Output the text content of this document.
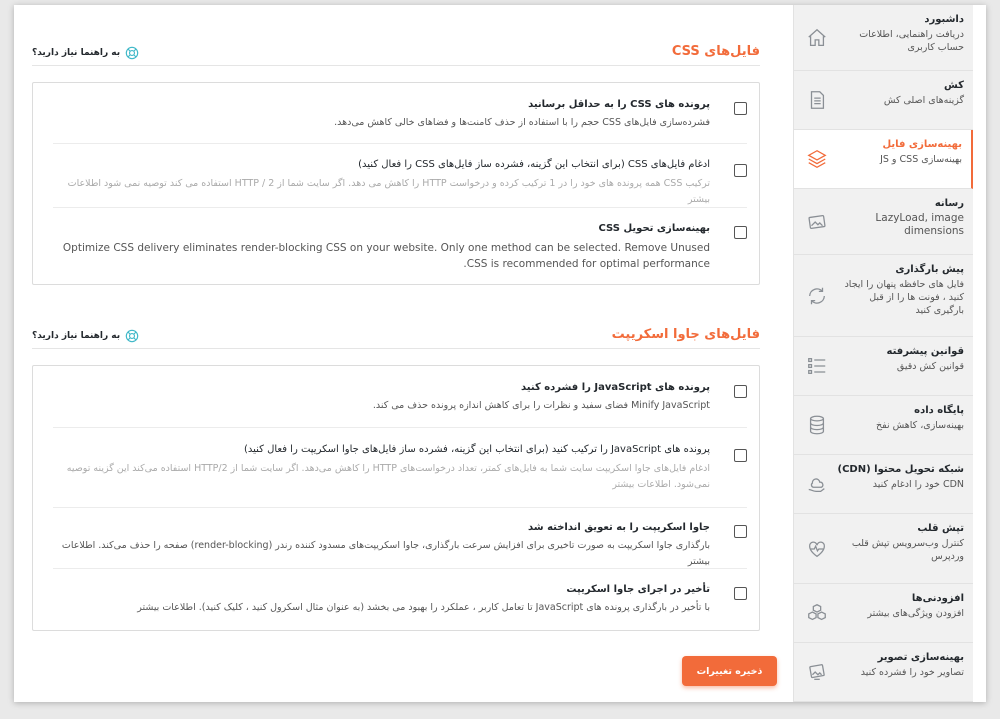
داشبورد
دریافت راهنمایی، اطلاعات حساب کاربری
کش
گزینه‌های اصلی کش
بهینه‌سازی فایل
بهینه‌سازی CSS و JS
رسانه
LazyLoad, image dimensions
پیش بارگذاری
فایل های حافظه پنهان را ایجاد کنید ، فونت ها را از قبل بارگیری کنید
قوانین پیشرفته
قوانین کش دقیق
پایگاه داده
بهینه‌سازی، کاهش نفخ
شبکه تحویل محتوا (CDN)
CDN خود را ادغام کنید
تپش قلب
کنترل وب‌سرویس تپش قلب وردپرس
افزودنی‌ها
افزودن ویژگی‌های بیشتر
بهینه‌سازی تصویر
تصاویر خود را فشرده کنید
فایل‌های CSS
به راهنما نیاز دارید؟
پرونده های CSS را به حداقل برسانید
فشرده‌سازی فایل‌های CSS حجم را با استفاده از حذف کامنت‌ها و فضاهای خالی کاهش می‌دهد.
ادغام فایل‌های CSS (برای انتخاب این گزینه، فشرده ساز فایل‌های CSS را فعال کنید)
ترکیب CSS همه پرونده های خود را در 1 ترکیب کرده و درخواست HTTP را کاهش می دهد. اگر سایت شما از HTTP / 2 استفاده می کند توصیه نمی شود اطلاعات بیشتر
بهینه‌سازی تحویل CSS
Optimize CSS delivery eliminates render-blocking CSS on your website. Only one method can be selected. Remove Unused CSS is recommended for optimal performance.
فایل‌های جاوا اسکریپت
به راهنما نیاز دارید؟
پرونده های JavaScript را فشرده کنید
Minify JavaScript فضای سفید و نظرات را برای کاهش اندازه پرونده حذف می کند.
پرونده های JavaScript را ترکیب کنید (برای انتخاب این گزینه، فشرده ساز فایل‌های جاوا اسکریپت را فعال کنید)
ادغام فایل‌های جاوا اسکریپت سایت شما به فایل‌های کمتر، تعداد درخواست‌های HTTP را کاهش می‌دهد. اگر سایت شما از HTTP/2 استفاده می‌کند این گزینه توصیه نمی‌شود. اطلاعات بیشتر
جاوا اسکریپت را به تعویق انداخته شد
بارگذاری جاوا اسکریپت به صورت تاخیری برای افزایش سرعت بارگذاری، جاوا اسکریپت‌های مسدود کننده رندر (render-blocking) صفحه را حذف می‌کند. اطلاعات بیشتر
تأخیر در اجرای جاوا اسکریپت
با تأخیر در بارگذاری پرونده های JavaScript تا تعامل کاربر ، عملکرد را بهبود می بخشد (به عنوان مثال اسکرول کنید ، کلیک کنید). اطلاعات بیشتر
ذخیره تغییرات
